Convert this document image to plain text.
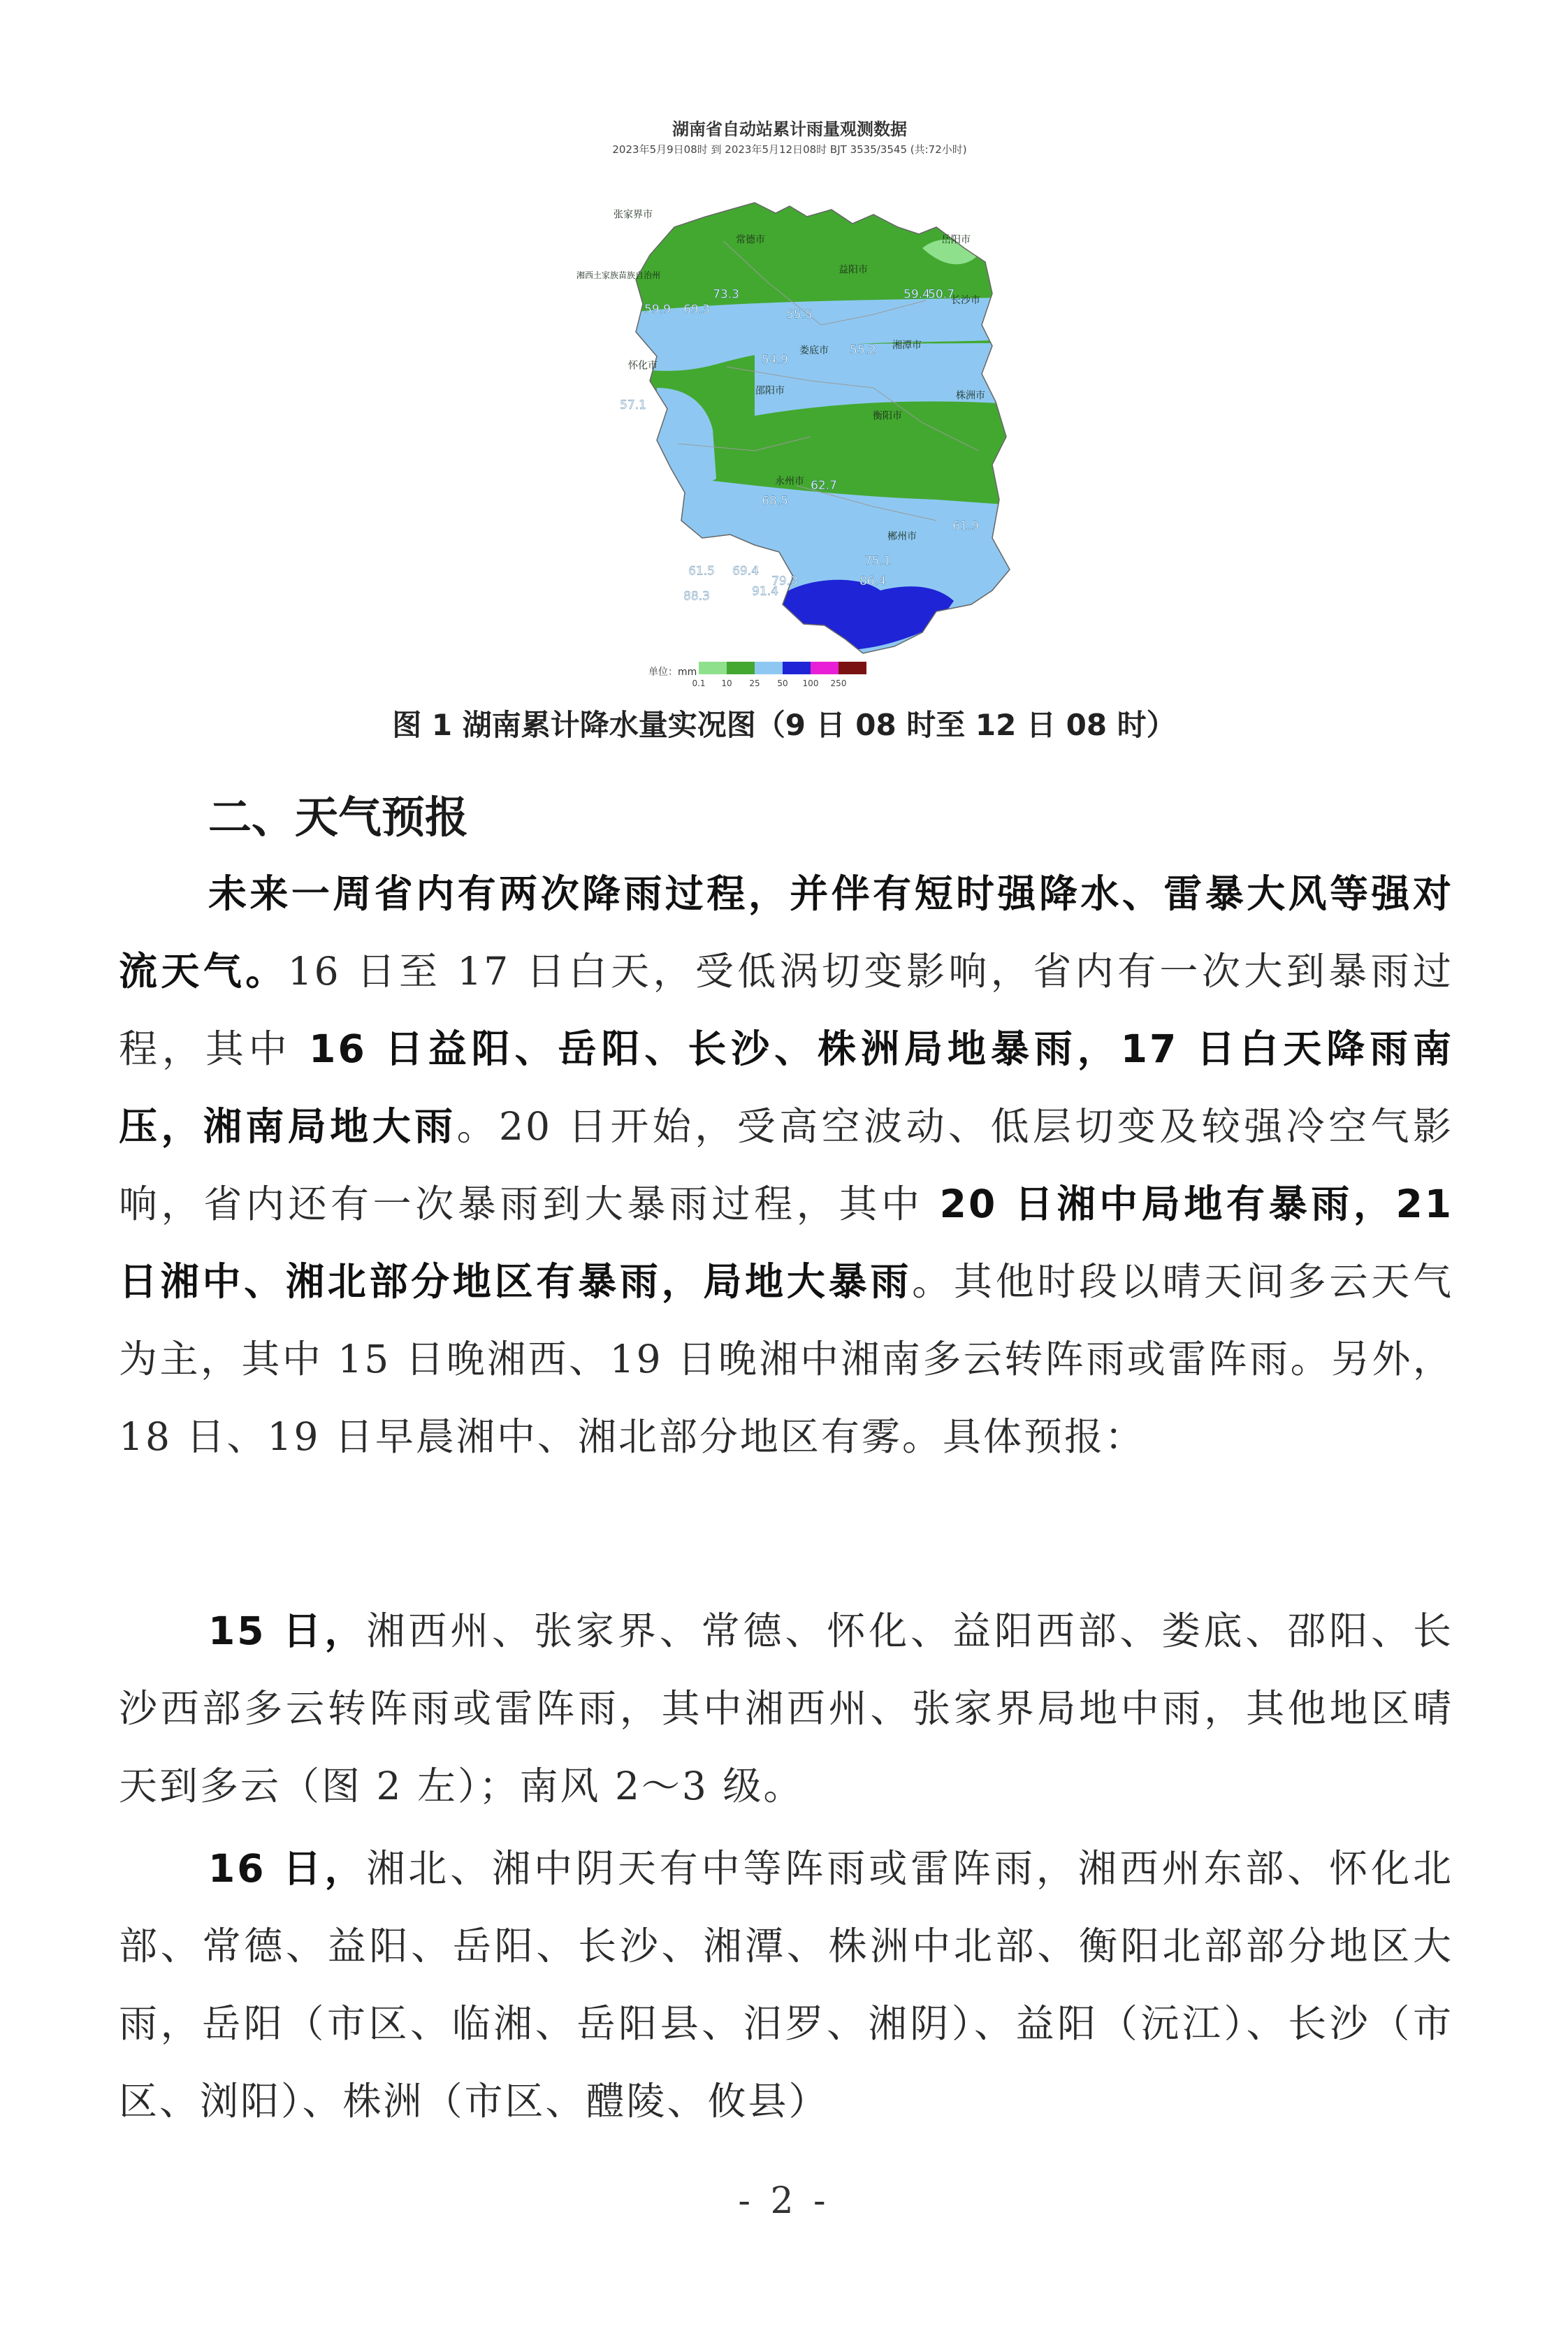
湖南省自动站累计雨量观测数据
2023年5月9日08时 到 2023年5月12日08时 BJT 3535/3545 (共:72小时)
张家界市
常德市	岳阳市
湘西土家族苗族自治州	益阳市
长沙市
怀化市
娄底市	湘潭市
邵阳市	株洲市
衡阳市
永州市
郴州市
73.3
59.9 69.3	55.5
59.4
50.7
54.9
55.2
57.1
62.7
68.5
61.9
61.5 69.4
79.3
75.1
86.4
91.4
88.3
单位：mm
0.1 10 25 50 100 250
图 1 湖南累计降水量实况图（9 日 08 时至 12 日 08 时）
二、天气预报

未来一周省内有两次降雨过程，并伴有短时强降水、雷暴大风等强对流天气。16 日至 17 日白天，受低涡切变影响，省内有一次大到暴雨过程，其中 16 日益阳、岳阳、长沙、株洲局地暴雨，17 日白天降雨南压，湘南局地大雨。20 日开始，受高空波动、低层切变及较强冷空气影响，省内还有一次暴雨到大暴雨过程，其中 20 日湘中局地有暴雨，21 日湘中、湘北部分地区有暴雨，局地大暴雨。其他时段以晴天间多云天气为主，其中 15 日晚湘西、19 日晚湘中湘南多云转阵雨或雷阵雨。另外，18 日、19 日早晨湘中、湘北部分地区有雾。具体预报：

15 日，湘西州、张家界、常德、怀化、益阳西部、娄底、邵阳、长沙西部多云转阵雨或雷阵雨，其中湘西州、张家界局地中雨，其他地区晴天到多云（图 2 左）；南风 2～3 级。

16 日，湘北、湘中阴天有中等阵雨或雷阵雨，湘西州东部、怀化北部、常德、益阳、岳阳、长沙、湘潭、株洲中北部、衡阳北部部分地区大雨，岳阳（市区、临湘、岳阳县、汨罗、湘阴）、益阳（沅江）、长沙（市区、浏阳）、株洲（市区、醴陵、攸县）

- 2 -
